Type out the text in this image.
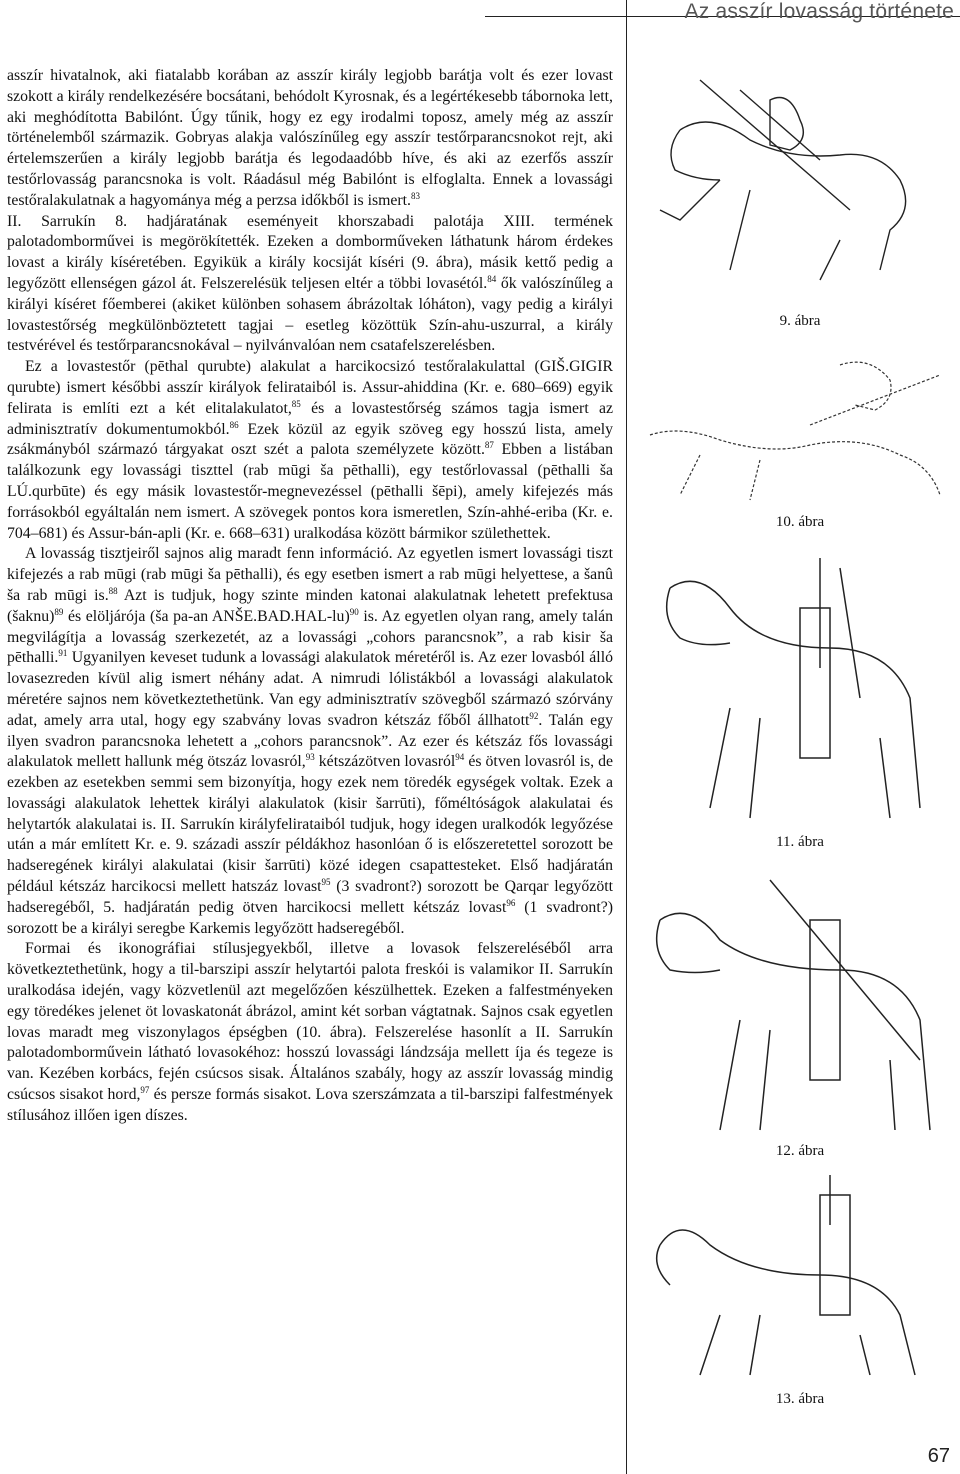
Az asszír lovasság története

asszír hivatalnok, aki fiatalabb korában az asszír király legjobb barátja volt és ezer lovast szokott a király rendelkezésére bocsátani, behódolt Kyrosnak, és a legértékesebb tábornoka lett, aki meghódította Babilónt. Úgy tűnik, hogy ez egy irodalmi toposz, amely még az asszír történelemből származik. Gobryas alakja valószínűleg egy asszír testőrparancsnokot rejt, aki értelemszerűen a király legjobb barátja és legodaadóbb híve, és aki az ezerfős asszír testőrlovasság parancsnoka is volt. Ráadásul még Babilónt is elfoglalta. Ennek a lovassági testőralakulatnak a hagyománya még a perzsa időkből is ismert.$^{83}$

II. Sarrukín 8. hadjáratának eseményeit khorszabadi palotája XIII. termének palotadomborművei is megörökítették. Ezeken a domborműveken láthatunk három érdekes lovast a király kíséretében. Egyikük a király kocsiját kíséri (9. ábra), másik kettő pedig a legyőzött ellenségen gázol át. Felszerelésük teljesen eltér a többi lovasétól.$^{84}$ ők valószínűleg a királyi kíséret főemberei (akiket különben sohasem ábrázoltak lóháton), vagy pedig a királyi lovastestőrség megkülönböztetett tagjai – esetleg közöttük Szín-ahu-uszurral, a király testvérével és testőrparancsnokával – nyilvánvalóan nem csatafelszerelésben.

Ez a lovastestőr (pēthal qurubte) alakulat a harcikocsizó testőralakulattal (GIŠ.GIGIR qurubte) ismert későbbi asszír királyok felirataiból is. Assur-ahiddina (Kr. e. 680–669) egyik felirata is említi ezt a két elitalakulatot,$^{85}$ és a lovastestőrség számos tagja ismert az adminisztratív dokumentumokból.$^{86}$ Ezek közül az egyik szöveg egy hosszú lista, amely zsákmányból származó tárgyakat oszt szét a palota személyzete között.$^{87}$ Ebben a listában találkozunk egy lovassági tiszttel (rab mūgi ša pēthalli), egy testőrlovassal (pēthalli ša LÚ.qurbūte) és egy másik lovastestőr-megnevezéssel (pēthalli šēpi), amely kifejezés más forrásokból egyáltalán nem ismert. A szövegek pontos kora ismeretlen, Szín-ahhé-eriba (Kr. e. 704–681) és Assur-bán-apli (Kr. e. 668–631) uralkodása között bármikor születhettek.

A lovasság tisztjeiről sajnos alig maradt fenn információ. Az egyetlen ismert lovassági tiszt kifejezés a rab mūgi (rab mūgi ša pēthalli), és egy esetben ismert a rab mūgi helyettese, a šanû ša rab mūgi is.$^{88}$ Azt is tudjuk, hogy szinte minden katonai alakulatnak lehetett prefektusa (šaknu)$^{89}$ és elöljárója (ša pa-an ANŠE.BAD.HAL-lu)$^{90}$ is. Az egyetlen olyan rang, amely talán megvilágítja a lovasság szerkezetét, az a lovassági „cohors parancsnok”, a rab kisir ša pēthalli.$^{91}$ Ugyanilyen keveset tudunk a lovassági alakulatok méretéről is. Az ezer lovasból álló lovasezreden kívül alig ismert néhány adat. A nimrudi lólistákból a lovassági alakulatok méretére sajnos nem következtethetünk. Van egy adminisztratív szövegből származó szórvány adat, amely arra utal, hogy egy szabvány lovas svadron kétszáz főből állhatott$^{92}$. Talán egy ilyen svadron parancsnoka lehetett a „cohors parancsnok”. Az ezer és kétszáz fős lovassági alakulatok mellett hallunk még ötszáz lovasról,$^{93}$ kétszázötven lovasról$^{94}$ és ötven lovasról is, de ezekben az esetekben semmi sem bizonyítja, hogy ezek nem töredék egységek voltak. Ezek a lovassági alakulatok lehettek királyi alakulatok (kisir šarrūti), főméltóságok alakulatai és helytartók alakulatai is. II. Sarrukín királyfelirataiból tudjuk, hogy idegen uralkodók legyőzése után a már említett Kr. e. 9. századi asszír példákhoz hasonlóan ő is előszeretettel sorozott be hadseregének királyi alakulatai (kisir šarrūti) közé idegen csapattesteket. Első hadjáratán például kétszáz harcikocsi mellett hatszáz lovast$^{95}$ (3 svadront?) sorozott be Qarqar legyőzött hadseregéből, 5. hadjáratán pedig ötven harcikocsi mellett kétszáz lovast$^{96}$ (1 svadront?) sorozott be a királyi seregbe Karkemis legyőzött hadseregéből.

Formai és ikonográfiai stílusjegyekből, illetve a lovasok felszereléséből arra következtethetünk, hogy a til-barszipi asszír helytartói palota freskói is valamikor II. Sarrukín uralkodása idején, vagy közvetlenül azt megelőzően készülhettek. Ezeken a falfestményeken egy töredékes jelenet öt lovaskatonát ábrázol, amint két sorban vágtatnak. Sajnos csak egyetlen lovas maradt meg viszonylagos épségben (10. ábra). Felszerelése hasonlít a II. Sarrukín palotadomborművein látható lovasokéhoz: hosszú lovassági lándzsája mellett íja és tegeze is van. Kezében korbács, fején csúcsos sisak. Általános szabály, hogy az asszír lovasság mindig csúcsos sisakot hord,$^{97}$ és persze formás sisakot. Lova szerszámzata a til-barszipi falfestmények stílusához illően igen díszes.

9. ábra
10. ábra
11. ábra
12. ábra
13. ábra
67
